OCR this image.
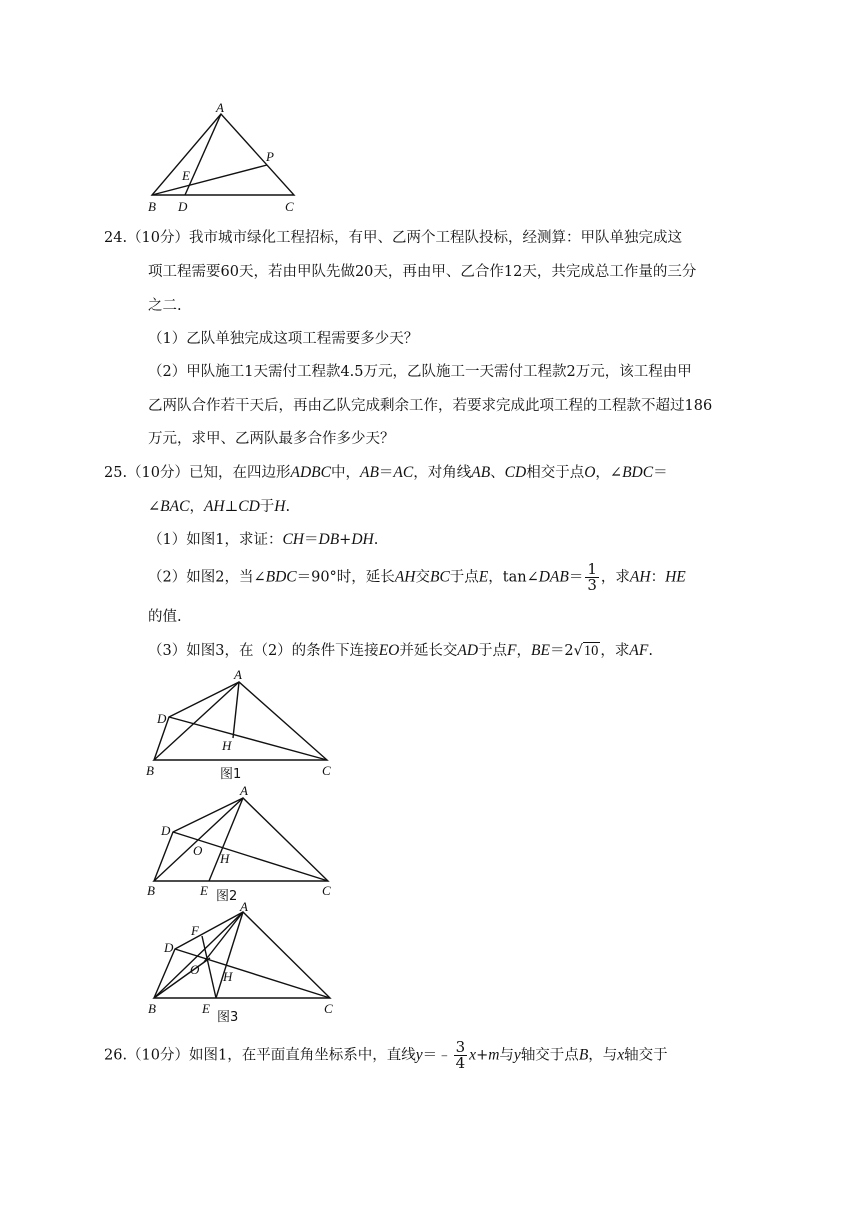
A
P
E
B D	C
24.（10分）我市城市绿化工程招标，有甲、乙两个工程队投标，经测算：甲队单独完成这
项工程需要60天，若由甲队先做20天，再由甲、乙合作12天，共完成总工作量的三分
之二.
（1）乙队单独完成这项工程需要多少天？
（2）甲队施工1天需付工程款4.5万元，乙队施工一天需付工程款2万元，该工程由甲
乙两队合作若干天后，再由乙队完成剩余工作，若要求完成此项工程的工程款不超过186
万元，求甲、乙两队最多合作多少天？
25.（10分）已知，在四边形ADBC中，AB＝AC，对角线AB、CD相交于点O，∠BDC＝
∠BAC，AH⊥CD于H.
（1）如图1，求证：CH＝DB+DH.
（2）如图2，当∠BDC＝90°时，延长AH交BC于点E，tan∠DAB＝ $\frac{1}{3}$ ，求AH：HE
的值.
（3）如图3，在（2）的条件下连接EO并延长交AD于点F，BE＝2√10 ，求AF.
A
D
H
B	C
图1
A
D
O
H
B	E	C
图2
A
F
D
O H
B	E	C
图3
26.（10分）如图1，在平面直角坐标系中，直线y＝﹣ $\frac{3}{4} x+m$与y轴交于点B，与x轴交于
